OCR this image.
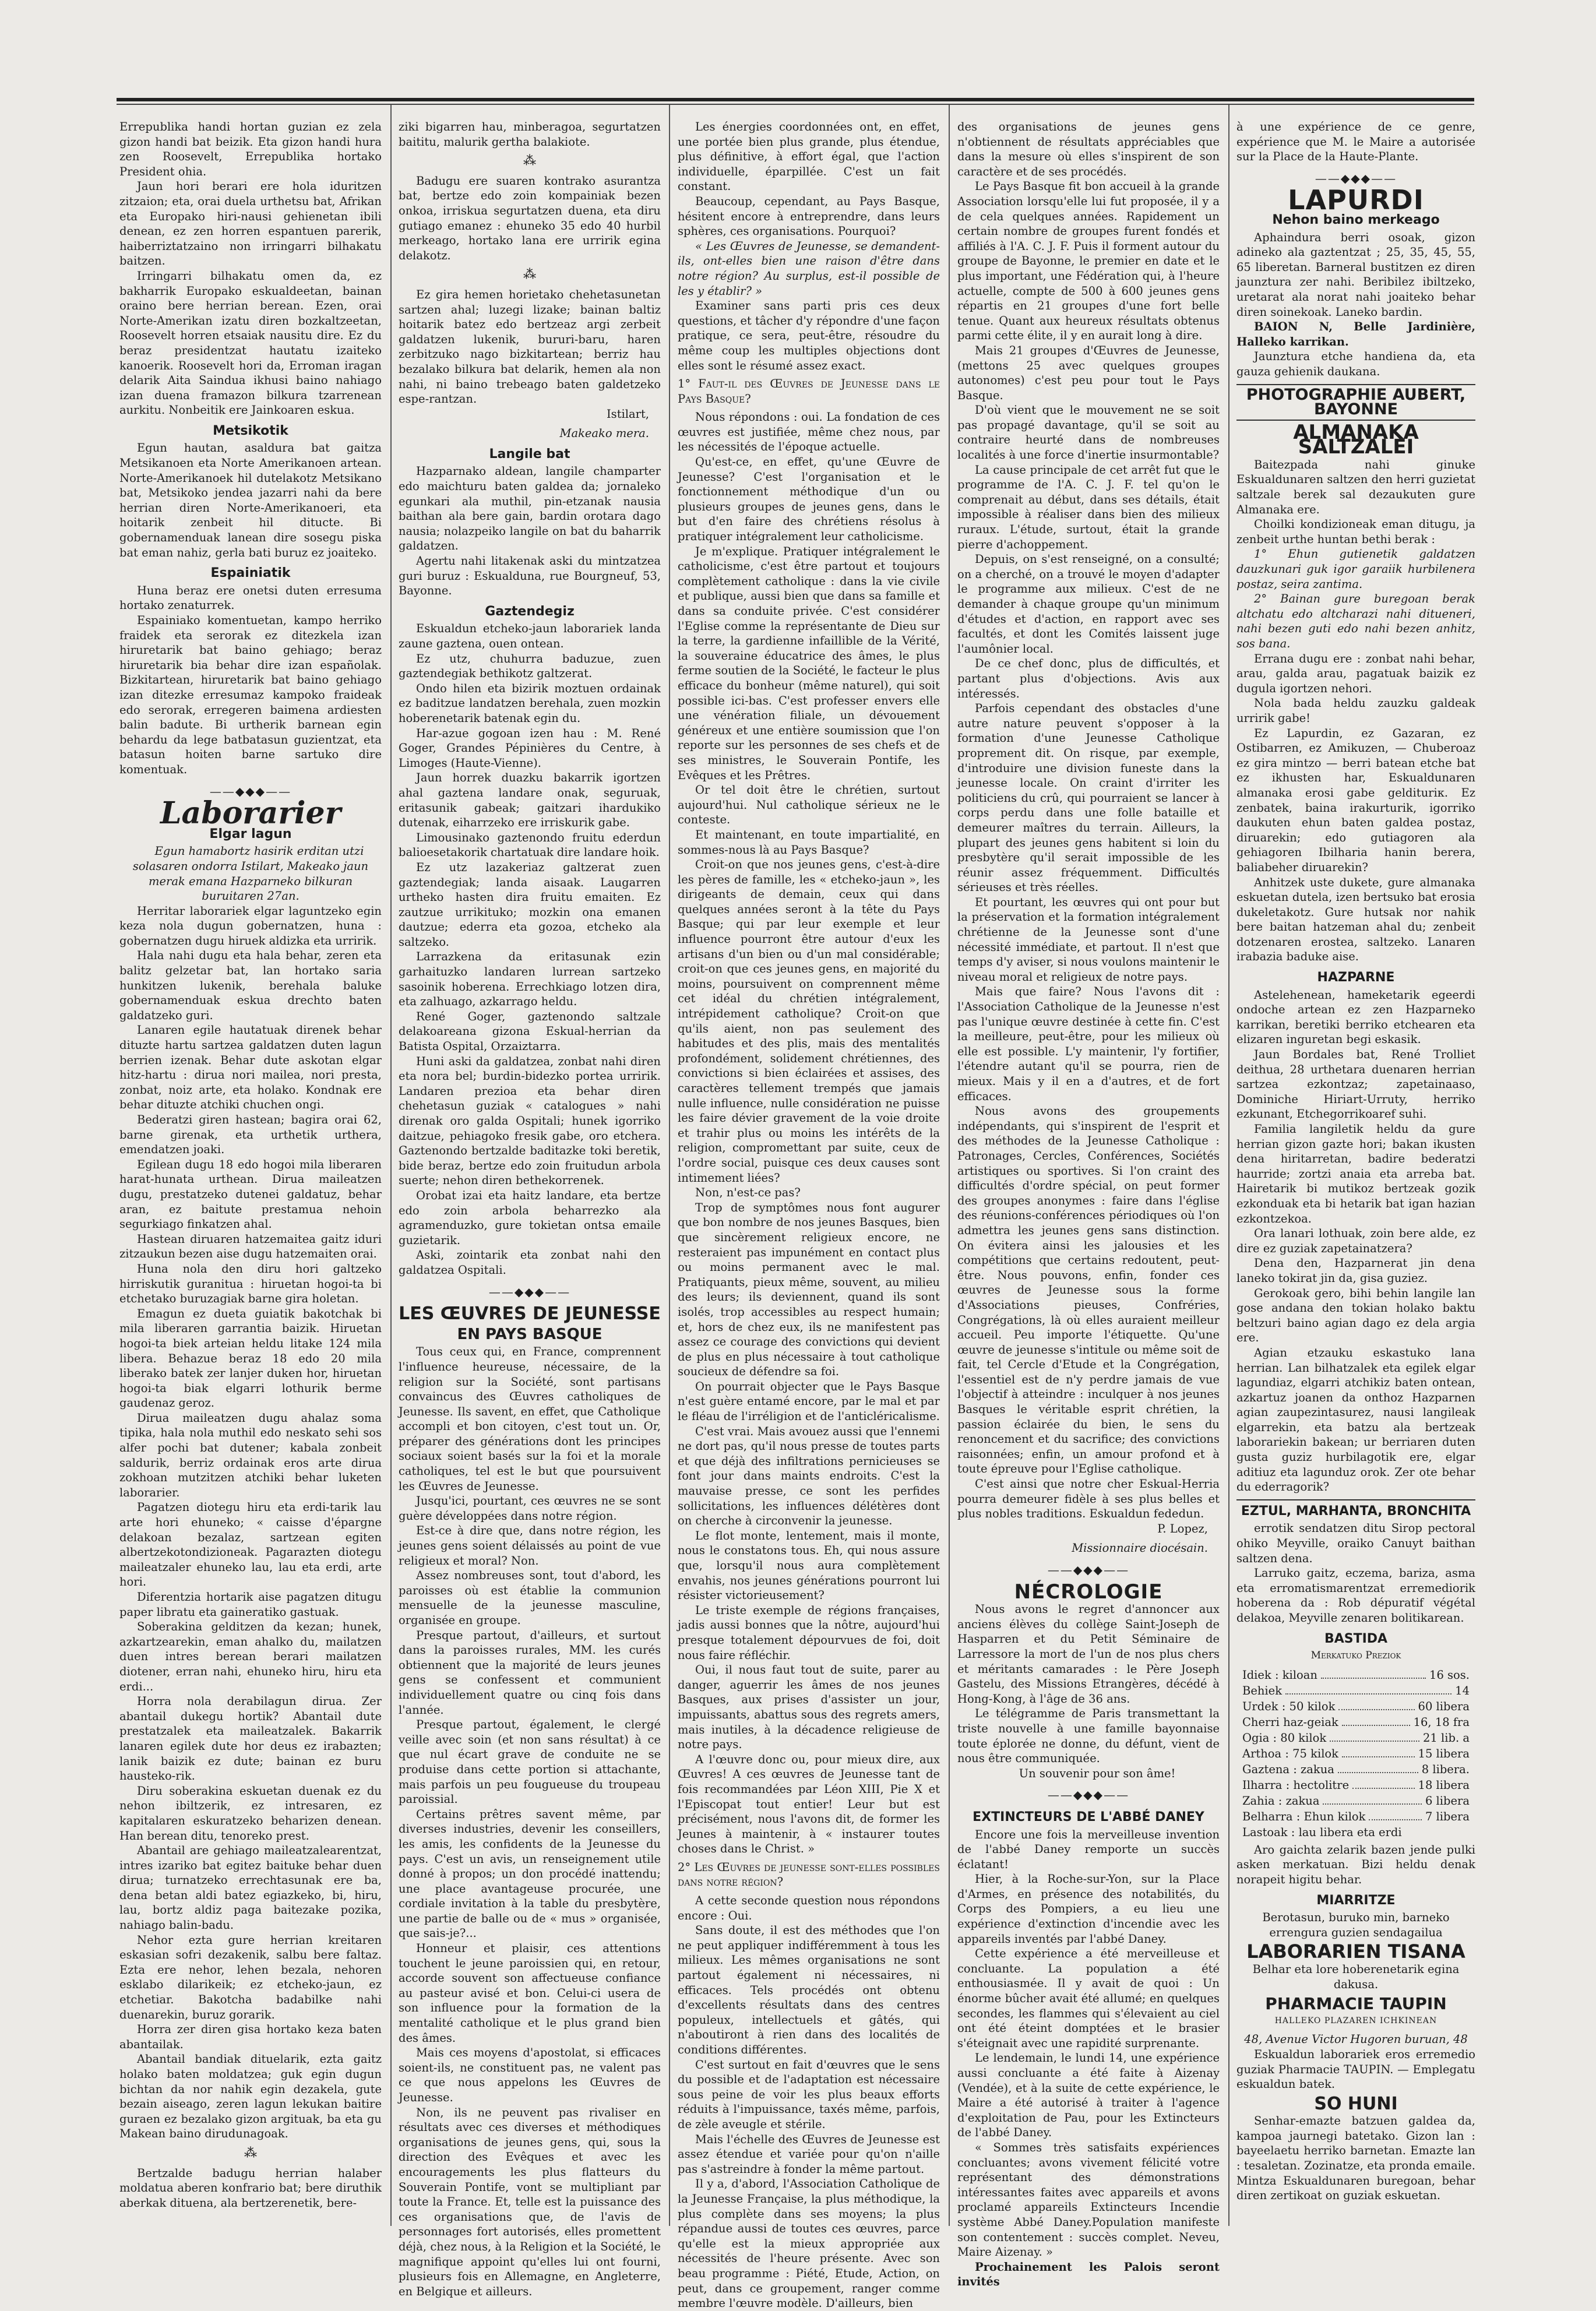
Errepublika handi hortan guzian ez zela gizon handi bat beizik. Eta gizon handi hura zen Roosevelt, Errepublika hortako President ohia.

Jaun hori berari ere hola iduritzen zitzaion; eta, orai duela urthetsu bat, Afrikan eta Europako hiri-nausi gehienetan ibili denean, ez zen horren espantuen parerik, haiberriztatzaino non irringarri bilhakatu baitzen.

Irringarri bilhakatu omen da, ez bakharrik Europako eskualdeetan, bainan oraino bere herrian berean. Ezen, orai Norte-Amerikan izatu diren bozkaltzeetan, Roosevelt horren etsaiak nausitu dire. Ez du beraz presidentzat hautatu izaiteko kanoerik. Roosevelt hori da, Erroman iragan delarik Aita Saindua ikhusi baino nahiago izan duena framazon bilkura tzarrenean aurkitu. Nonbeitik ere Jainkoaren eskua.

Metsikotik

Egun hautan, asaldura bat gaitza Metsikanoen eta Norte Amerikanoen artean. Norte-Amerikanoek hil dutelakotz Metsikano bat, Metsikoko jendea jazarri nahi da bere herrian diren Norte-Amerikanoeri, eta hoitarik zenbeit hil ditucte. Bi gobernamenduak lanean dire sosegu piska bat eman nahiz, gerla bati buruz ez joaiteko.

Espainiatik

Huna beraz ere onetsi duten erresuma hortako zenaturrek.

Espainiako komentuetan, kampo herriko fraidek eta serorak ez ditezkela izan hiruretarik bat baino gehiago; beraz hiruretarik bia behar dire izan españolak. Bizkitartean, hiruretarik bat baino gehiago izan ditezke erresumaz kampoko fraideak edo serorak, erregeren baimena ardiesten balin badute. Bi urtherik barnean egin behardu da lege batbatasun guzientzat, eta batasun hoiten barne sartuko dire komentuak.

——◆◆◆——
Laborarier
Elgar lagun

Egun hamabortz hasirik erditan utzi solasaren ondorra Istilart, Makeako jaun merak emana Hazparneko bilkuran buruitaren 27an.

Herritar laborariek elgar laguntzeko egin keza nola dugun gobernatzen, huna : gobernatzen dugu hiruek aldizka eta urririk.

Hala nahi dugu eta hala behar, zeren eta balitz gelzetar bat, lan hortako saria hunkitzen lukenik, berehala baluke gobernamenduak eskua drechto baten galdatzeko guri.

Lanaren egile hautatuak direnek behar dituzte hartu sartzea galdatzen duten lagun berrien izenak. Behar dute askotan elgar hitz-hartu : dirua nori mailea, nori presta, zonbat, noiz arte, eta holako. Kondnak ere behar dituzte atchiki chuchen ongi.

Bederatzi giren hastean; bagira orai 62, barne girenak, eta urthetik urthera, emendatzen joaki.

Egilean dugu 18 edo hogoi mila liberaren harat-hunata urthean. Dirua maileatzen dugu, prestatzeko dutenei galdatuz, behar aran, ez baitute prestamua nehoin segurkiago finkatzen ahal.

Hastean diruaren hatzemaitea gaitz iduri zitzaukun bezen aise dugu hatzemaiten orai.

Huna nola den diru hori galtzeko hirriskutik guranitua : hiruetan hogoi-ta bi etchetako buruzagiak barne gira holetan.

Emagun ez dueta guiatik bakotchak bi mila liberaren garrantia baizik. Hiruetan hogoi-ta biek arteian heldu litake 124 mila libera. Behazue beraz 18 edo 20 mila liberako batek zer lanjer duken hor, hiruetan hogoi-ta biak elgarri lothurik berme gaudenaz geroz.

Dirua maileatzen dugu ahalaz soma tipika, hala nola muthil edo neskato sehi sos alfer pochi bat dutener; kabala zonbeit saldurik, berriz ordainak eros arte dirua zokhoan mutzitzen atchiki behar luketen laborarier.

Pagatzen diotegu hiru eta erdi-tarik lau arte hori ehuneko; « caisse d'épargne delakoan bezalaz, sartzean egiten albertzekotondizioneak. Pagarazten diotegu maileatzaler ehuneko lau, lau eta erdi, arte hori.

Diferentzia hortarik aise pagatzen ditugu paper libratu eta gaineratiko gastuak.

Soberakina gelditzen da kezan; hunek, azkartzearekin, eman ahalko du, mailatzen duen intres berean berari mailatzen diotener, erran nahi, ehuneko hiru, hiru eta erdi...

Horra nola derabilagun dirua. Zer abantail dukegu hortik? Abantail dute prestatzalek eta maileatzalek. Bakarrik lanaren egilek dute hor deus ez irabazten; lanik baizik ez dute; bainan ez buru hausteko-rik.

Diru soberakina eskuetan duenak ez du nehon ibiltzerik, ez intresaren, ez kapitalaren eskuratzeko beharizen denean. Han berean ditu, tenoreko prest.

Abantail are gehiago maileatzalearentzat, intres izariko bat egitez baituke behar duen dirua; turnatzeko errechtasunak ere ba, dena betan aldi batez egiazkeko, bi, hiru, lau, bortz aldiz paga baitezake pozika, nahiago balin-badu.

Nehor ezta gure herrian kreitaren eskasian sofri dezakenik, salbu bere faltaz. Ezta ere nehor, lehen bezala, nehoren esklabo dilarikeik; ez etcheko-jaun, ez etchetiar. Bakotcha badabilke nahi duenarekin, buruz gorarik.

Horra zer diren gisa hortako keza baten abantailak.

Abantail bandiak dituelarik, ezta gaitz holako baten moldatzea; guk egin dugun bichtan da nor nahik egin dezakela, gute bezain aiseago, zeren lagun lekukan baitire guraen ez bezalako gizon argituak, ba eta gu Makean baino dirudunagoak.

⁂

Bertzalde badugu herrian halaber moldatua aberen konfrario bat; bere diruthik aberkak dituena, ala bertzerenetik, bere-

ziki bigarren hau, minberagoa, segurtatzen baititu, malurik gertha balakiote.

⁂

Badugu ere suaren kontrako asurantza bat, bertze edo zoin kompainiak bezen onkoa, irriskua segurtatzen duena, eta diru gutiago emanez : ehuneko 35 edo 40 hurbil merkeago, hortako lana ere urririk egina delakotz.

⁂

Ez gira hemen horietako chehetasunetan sartzen ahal; luzegi lizake; bainan baltiz hoitarik batez edo bertzeaz argi zerbeit galdatzen lukenik, bururi-baru, haren zerbitzuko nago bizkitartean; berriz hau bezalako bilkura bat delarik, hemen ala non nahi, ni baino trebeago baten galdetzeko espe-rantzan.

Istilart,
Makeako mera.
Langile bat

Hazparnako aldean, langile champarter edo maichturu baten galdea da; jornaleko egunkari ala muthil, pin-etzanak nausia baithan ala bere gain, bardin orotara dago nausia; nolazpeiko langile on bat du baharrik galdatzen.

Agertu nahi litakenak aski du mintzatzea guri buruz : Eskualduna, rue Bourgneuf, 53, Bayonne.

Gaztendegiz

Eskualdun etcheko-jaun laborariek landa zaune gaztena, ouen ontean.

Ez utz, chuhurra baduzue, zuen gaztendegiak bethikotz galtzerat.

Ondo hilen eta bizirik moztuen ordainak ez baditzue landatzen berehala, zuen mozkin hoberenetarik batenak egin du.

Har-azue gogoan izen hau : M. René Goger, Grandes Pépinières du Centre, à Limoges (Haute-Vienne).

Jaun horrek duazku bakarrik igortzen ahal gaztena landare onak, seguruak, eritasunik gabeak; gaitzari ihardukiko dutenak, eiharrzeko ere irriskurik gabe.

Limousinako gaztenondo fruitu ederdun balioesetakorik chartatuak dire landare hoik.

Ez utz lazakeriaz galtzerat zuen gaztendegiak; landa aisaak. Laugarren urtheko hasten dira fruitu emaiten. Ez zautzue urrikituko; mozkin ona emanen dautzue; ederra eta gozoa, etcheko ala saltzeko.

Larrazkena da eritasunak ezin garhaituzko landaren lurrean sartzeko sasoinik hoberena. Errechkiago lotzen dira, eta zalhuago, azkarrago heldu.

René Goger, gaztenondo saltzale delakoareana gizona Eskual-herrian da Batista Ospital, Orzaiztarra.

Huni aski da galdatzea, zonbat nahi diren eta nora bel; burdin-bidezko portea urririk. Landaren prezioa eta behar diren chehetasun guziak « catalogues » nahi direnak oro galda Ospitali; hunek igorriko daitzue, pehiagoko fresik gabe, oro etchera. Gaztenondo bertzalde baditazke toki beretik, bide beraz, bertze edo zoin fruitudun arbola suerte; nehon diren bethekorrenek.

Orobat izai eta haitz landare, eta bertze edo zoin arbola beharrezko ala agramenduzko, gure tokietan ontsa emaile guzietarik.

Aski, zointarik eta zonbat nahi den galdatzea Ospitali.

——◆◆◆——
LES ŒUVRES DE JEUNESSE
EN PAYS BASQUE

Tous ceux qui, en France, comprennent l'influence heureuse, nécessaire, de la religion sur la Société, sont partisans convaincus des Œuvres catholiques de Jeunesse. Ils savent, en effet, que Catholique accompli et bon citoyen, c'est tout un. Or, préparer des générations dont les principes sociaux soient basés sur la foi et la morale catholiques, tel est le but que poursuivent les Œuvres de Jeunesse.

Jusqu'ici, pourtant, ces œuvres ne se sont guère développées dans notre région.

Est-ce à dire que, dans notre région, les jeunes gens soient délaissés au point de vue religieux et moral? Non.

Assez nombreuses sont, tout d'abord, les paroisses où est établie la communion mensuelle de la jeunesse masculine, organisée en groupe.

Presque partout, d'ailleurs, et surtout dans la paroisses rurales, MM. les curés obtiennent que la majorité de leurs jeunes gens se confessent et communient individuellement quatre ou cinq fois dans l'année.

Presque partout, également, le clergé veille avec soin (et non sans résultat) à ce que nul écart grave de conduite ne se produise dans cette portion si attachante, mais parfois un peu fougueuse du troupeau paroissial.

Certains prêtres savent même, par diverses industries, devenir les conseillers, les amis, les confidents de la Jeunesse du pays. C'est un avis, un renseignement utile donné à propos; un don procédé inattendu; une place avantageuse procurée, une cordiale invitation à la table du presbytère, une partie de balle ou de « mus » organisée, que sais-je?...

Honneur et plaisir, ces attentions touchent le jeune paroissien qui, en retour, accorde souvent son affectueuse confiance au pasteur avisé et bon. Celui-ci usera de son influence pour la formation de la mentalité catholique et le plus grand bien des âmes.

Mais ces moyens d'apostolat, si efficaces soient-ils, ne constituent pas, ne valent pas ce que nous appelons les Œuvres de Jeunesse.

Non, ils ne peuvent pas rivaliser en résultats avec ces diverses et méthodiques organisations de jeunes gens, qui, sous la direction des Evêques et avec les encouragements les plus flatteurs du Souverain Pontife, vont se multipliant par toute la France. Et, telle est la puissance des ces organisations que, de l'avis de personnages fort autorisés, elles promettent déjà, chez nous, à la Religion et la Société, le magnifique appoint qu'elles lui ont fourni, plusieurs fois en Allemagne, en Angleterre, en Belgique et ailleurs.

Les énergies coordonnées ont, en effet, une portée bien plus grande, plus étendue, plus définitive, à effort égal, que l'action individuelle, éparpillée. C'est un fait constant.

Beaucoup, cependant, au Pays Basque, hésitent encore à entreprendre, dans leurs sphères, ces organisations. Pourquoi?

« Les Œuvres de Jeunesse, se demandent-ils, ont-elles bien une raison d'être dans notre région? Au surplus, est-il possible de les y établir? »

Examiner sans parti pris ces deux questions, et tâcher d'y répondre d'une façon pratique, ce sera, peut-être, résoudre du même coup les multiples objections dont elles sont le résumé assez exact.

1° Faut-il des Œuvres de Jeunesse dans le Pays Basque?

Nous répondons : oui. La fondation de ces œuvres est justifiée, même chez nous, par les nécessités de l'époque actuelle.

Qu'est-ce, en effet, qu'une Œuvre de Jeunesse? C'est l'organisation et le fonctionnement méthodique d'un ou plusieurs groupes de jeunes gens, dans le but d'en faire des chrétiens résolus à pratiquer intégralement leur catholicisme.

Je m'explique. Pratiquer intégralement le catholicisme, c'est être partout et toujours complètement catholique : dans la vie civile et publique, aussi bien que dans sa famille et dans sa conduite privée. C'est considérer l'Eglise comme la représentante de Dieu sur la terre, la gardienne infaillible de la Vérité, la souveraine éducatrice des âmes, le plus ferme soutien de la Société, le facteur le plus efficace du bonheur (même naturel), qui soit possible ici-bas. C'est professer envers elle une vénération filiale, un dévouement généreux et une entière soumission que l'on reporte sur les personnes de ses chefs et de ses ministres, le Souverain Pontife, les Evêques et les Prêtres.

Or tel doit être le chrétien, surtout aujourd'hui. Nul catholique sérieux ne le conteste.

Et maintenant, en toute impartialité, en sommes-nous là au Pays Basque?

Croit-on que nos jeunes gens, c'est-à-dire les pères de famille, les « etcheko-jaun », les dirigeants de demain, ceux qui dans quelques années seront à la tête du Pays Basque; qui par leur exemple et leur influence pourront être autour d'eux les artisans d'un bien ou d'un mal considérable; croit-on que ces jeunes gens, en majorité du moins, poursuivent on comprennent même cet idéal du chrétien intégralement, intrépidement catholique? Croit-on que qu'ils aient, non pas seulement des habitudes et des plis, mais des mentalités profondément, solidement chrétiennes, des convictions si bien éclairées et assises, des caractères tellement trempés que jamais nulle influence, nulle considération ne puisse les faire dévier gravement de la voie droite et trahir plus ou moins les intérêts de la religion, compromettant par suite, ceux de l'ordre social, puisque ces deux causes sont intimement liées?

Non, n'est-ce pas?

Trop de symptômes nous font augurer que bon nombre de nos jeunes Basques, bien que sincèrement religieux encore, ne resteraient pas impunément en contact plus ou moins permanent avec le mal. Pratiquants, pieux même, souvent, au milieu des leurs; ils deviennent, quand ils sont isolés, trop accessibles au respect humain; et, hors de chez eux, ils ne manifestent pas assez ce courage des convictions qui devient de plus en plus nécessaire à tout catholique soucieux de défendre sa foi.

On pourrait objecter que le Pays Basque n'est guère entamé encore, par le mal et par le fléau de l'irréligion et de l'anticléricalisme.

C'est vrai. Mais avouez aussi que l'ennemi ne dort pas, qu'il nous presse de toutes parts et que déjà des infiltrations pernicieuses se font jour dans maints endroits. C'est la mauvaise presse, ce sont les perfides sollicitations, les influences délétères dont on cherche à circonvenir la jeunesse.

Le flot monte, lentement, mais il monte, nous le constatons tous. Eh, qui nous assure que, lorsqu'il nous aura complètement envahis, nos jeunes générations pourront lui résister victorieusement?

Le triste exemple de régions françaises, jadis aussi bonnes que la nôtre, aujourd'hui presque totalement dépourvues de foi, doit nous faire réfléchir.

Oui, il nous faut tout de suite, parer au danger, aguerrir les âmes de nos jeunes Basques, aux prises d'assister un jour, impuissants, abattus sous des regrets amers, mais inutiles, à la décadence religieuse de notre pays.

A l'œuvre donc ou, pour mieux dire, aux Œuvres! A ces œuvres de Jeunesse tant de fois recommandées par Léon XIII, Pie X et l'Episcopat tout entier! Leur but est précisément, nous l'avons dit, de former les Jeunes à maintenir, à « instaurer toutes choses dans le Christ. »

2° Les Œuvres de jeunesse sont-elles possibles dans notre région?

A cette seconde question nous répondons encore : Oui.

Sans doute, il est des méthodes que l'on ne peut appliquer indifféremment à tous les milieux. Les mêmes organisations ne sont partout également ni nécessaires, ni efficaces. Tels procédés ont obtenu d'excellents résultats dans des centres populeux, intellectuels et gâtés, qui n'aboutiront à rien dans des localités de conditions différentes.

C'est surtout en fait d'œuvres que le sens du possible et de l'adaptation est nécessaire sous peine de voir les plus beaux efforts réduits à l'impuissance, taxés même, parfois, de zèle aveugle et stérile.

Mais l'échelle des Œuvres de Jeunesse est assez étendue et variée pour qu'on n'aille pas s'astreindre à fonder la même partout.

Il y a, d'abord, l'Association Catholique de la Jeunesse Française, la plus méthodique, la plus complète dans ses moyens; la plus répandue aussi de toutes ces œuvres, parce qu'elle est la mieux appropriée aux nécessités de l'heure présente. Avec son beau programme : Piété, Etude, Action, on peut, dans ce groupement, ranger comme membre l'œuvre modèle. D'ailleurs, bien

des organisations de jeunes gens n'obtiennent de résultats appréciables que dans la mesure où elles s'inspirent de son caractère et de ses procédés.

Le Pays Basque fit bon accueil à la grande Association lorsqu'elle lui fut proposée, il y a de cela quelques années. Rapidement un certain nombre de groupes furent fondés et affiliés à l'A. C. J. F. Puis il forment autour du groupe de Bayonne, le premier en date et le plus important, une Fédération qui, à l'heure actuelle, compte de 500 à 600 jeunes gens répartis en 21 groupes d'une fort belle tenue. Quant aux heureux résultats obtenus parmi cette élite, il y en aurait long à dire.

Mais 21 groupes d'Œuvres de Jeunesse, (mettons 25 avec quelques groupes autonomes) c'est peu pour tout le Pays Basque.

D'où vient que le mouvement ne se soit pas propagé davantage, qu'il se soit au contraire heurté dans de nombreuses localités à une force d'inertie insurmontable?

La cause principale de cet arrêt fut que le programme de l'A. C. J. F. tel qu'on le comprenait au début, dans ses détails, était impossible à réaliser dans bien des milieux ruraux. L'étude, surtout, était la grande pierre d'achoppement.

Depuis, on s'est renseigné, on a consulté; on a cherché, on a trouvé le moyen d'adapter le programme aux milieux. C'est de ne demander à chaque groupe qu'un minimum d'études et d'action, en rapport avec ses facultés, et dont les Comités laissent juge l'aumônier local.

De ce chef donc, plus de difficultés, et partant plus d'objections. Avis aux intéressés.

Parfois cependant des obstacles d'une autre nature peuvent s'opposer à la formation d'une Jeunesse Catholique proprement dit. On risque, par exemple, d'introduire une division funeste dans la jeunesse locale. On craint d'irriter les politiciens du crû, qui pourraient se lancer à corps perdu dans une folle bataille et demeurer maîtres du terrain. Ailleurs, la plupart des jeunes gens habitent si loin du presbytère qu'il serait impossible de les réunir assez fréquemment. Difficultés sérieuses et très réelles.

Et pourtant, les œuvres qui ont pour but la préservation et la formation intégralement chrétienne de la Jeunesse sont d'une nécessité immédiate, et partout. Il n'est que temps d'y aviser, si nous voulons maintenir le niveau moral et religieux de notre pays.

Mais que faire? Nous l'avons dit : l'Association Catholique de la Jeunesse n'est pas l'unique œuvre destinée à cette fin. C'est la meilleure, peut-être, pour les milieux où elle est possible. L'y maintenir, l'y fortifier, l'étendre autant qu'il se pourra, rien de mieux. Mais y il en a d'autres, et de fort efficaces.

Nous avons des groupements indépendants, qui s'inspirent de l'esprit et des méthodes de la Jeunesse Catholique : Patronages, Cercles, Conférences, Sociétés artistiques ou sportives. Si l'on craint des difficultés d'ordre spécial, on peut former des groupes anonymes : faire dans l'église des réunions-conférences périodiques où l'on admettra les jeunes gens sans distinction. On évitera ainsi les jalousies et les compétitions que certains redoutent, peut-être. Nous pouvons, enfin, fonder ces œuvres de Jeunesse sous la forme d'Associations pieuses, Confréries, Congrégations, là où elles auraient meilleur accueil. Peu importe l'étiquette. Qu'une œuvre de jeunesse s'intitule ou même soit de fait, tel Cercle d'Etude et la Congrégation, l'essentiel est de n'y perdre jamais de vue l'objectif à atteindre : inculquer à nos jeunes Basques le véritable esprit chrétien, la passion éclairée du bien, le sens du renoncement et du sacrifice; des convictions raisonnées; enfin, un amour profond et à toute épreuve pour l'Eglise catholique.

C'est ainsi que notre cher Eskual-Herria pourra demeurer fidèle à ses plus belles et plus nobles traditions. Eskualdun fededun.

P. Lopez,
Missionnaire diocésain.
——◆◆◆——
NÉCROLOGIE

Nous avons le regret d'annoncer aux anciens élèves du collège Saint-Joseph de Hasparren et du Petit Séminaire de Larressore la mort de l'un de nos plus chers et méritants camarades : le Père Joseph Gastelu, des Missions Etrangères, décédé à Hong-Kong, à l'âge de 36 ans.

Le télégramme de Paris transmettant la triste nouvelle à une famille bayonnaise toute éplorée ne donne, du défunt, vient de nous être communiquée.

Un souvenir pour son âme!

——◆◆◆——
EXTINCTEURS DE L'ABBÉ DANEY

Encore une fois la merveilleuse invention de l'abbé Daney remporte un succès éclatant!

Hier, à la Roche-sur-Yon, sur la Place d'Armes, en présence des notabilités, du Corps des Pompiers, a eu lieu une expérience d'extinction d'incendie avec les appareils inventés par l'abbé Daney.

Cette expérience a été merveilleuse et concluante. La population a été enthousiasmée. Il y avait de quoi : Un énorme bûcher avait été allumé; en quelques secondes, les flammes qui s'élevaient au ciel ont été éteint domptées et le brasier s'éteignait avec une rapidité surprenante.

Le lendemain, le lundi 14, une expérience aussi concluante a été faite à Aizenay (Vendée), et à la suite de cette expérience, le Maire a été autorisé à traiter à l'agence d'exploitation de Pau, pour les Extincteurs de l'abbé Daney.

« Sommes très satisfaits expériences concluantes; avons vivement félicité votre représentant des démonstrations intéressantes faites avec appareils et avons proclamé appareils Extincteurs Incendie système Abbé Daney.Population manifeste son contentement : succès complet. Neveu, Maire Aizenay. »

Prochainement les Palois seront invités

à une expérience de ce genre, expérience que M. le Maire a autorisée sur la Place de la Haute-Plante.

——◆◆◆——
LAPURDI
Nehon baino merkeago

Aphaindura berri osoak, gizon adineko ala gaztentzat ; 25, 35, 45, 55, 65 liberetan. Barneral bustitzen ez diren jaunztura zer nahi. Beribilez ibiltzeko, uretarat ala norat nahi joaiteko behar diren soinekoak. Laneko bardin.

BAION N, Belle Jardinière, Halleko karrikan.

Jaunztura etche handiena da, eta gauza gehienik daukana.

PHOTOGRAPHIE AUBERT, BAYONNE
ALMANAKA SALTZALEI

Baitezpada nahi ginuke Eskualdunaren saltzen den herri guzietat saltzale berek sal dezaukuten gure Almanaka ere.

Choilki kondizioneak eman ditugu, ja zenbeit urthe huntan bethi berak :

1° Ehun gutienetik galdatzen dauzkunari guk igor garaiik hurbilenera postaz, seira zantima.

2° Bainan gure buregoan berak altchatu edo altcharazi nahi ditueneri, nahi bezen guti edo nahi bezen anhitz, sos bana.

Errana dugu ere : zonbat nahi behar, arau, galda arau, pagatuak baizik ez dugula igortzen nehori.

Nola bada heldu zauzku galdeak urririk gabe!

Ez Lapurdin, ez Gazaran, ez Ostibarren, ez Amikuzen, — Chuberoaz ez gira mintzo — berri batean etche bat ez ikhusten har, Eskualdunaren almanaka erosi gabe geldituriк. Ez zenbatek, baina irakurturik, igorriko daukuten ehun baten galdea postaz, diruarekin; edo gutiagoren ala gehiagoren Ibilharia hanin berera, baliabeher diruarekin?

Anhitzek uste dukete, gure almanaka eskuetan dutela, izen bertsuko bat erosia dukeletakotz. Gure hutsak nor nahik bere baitan hatzeman ahal du; zenbeit dotzenaren erostea, saltzeko. Lanaren irabazia baduke aise.

HAZPARNE

Astelehenean, hameketarik egeerdi ondoche artean ez zen Hazparneko karrikan, beretiki berriko etchearen eta elizaren inguretan begi eskasik.

Jaun Bordales bat, René Trolliet deithua, 28 urthetara duenaren herrian sartzea ezkontzaz; zapetainaaso, Dominiche Hiriart-Urruty, herriko ezkunant, Etchegorrikoaref suhi.

Familia langiletik heldu da gure herrian gizon gazte hori; bakan ikusten dena hiritarretan, badire bederatzi haurride; zortzi anaia eta arreba bat. Hairetarik bi mutikoz bertzeak gozik ezkonduak eta bi hetarik bat igan hazian ezkontzekoa.

Ora lanari lothuak, zoin bere alde, ez dire ez guziak zapetainatzera?

Dena den, Hazparnerat jin dena laneko tokirat jin da, gisa guziez.

Gerokoak gero, bihi behin langile lan gose andana den tokian holako baktu beltzuri baino agian dago ez dela argia ere.

Agian etzauku eskastuko lana herrian. Lan bilhatzalek eta egilek elgar lagundiaz, elgarri atchikiz baten ontean, azkartuz joanen da onthoz Hazparnen agian zaupezintasurez, nausi langileak elgarrekin, eta batzu ala bertzeak laborariekin bakean; ur berriaren duten gusta guziz hurbilagotik ere, elgar aditiuz eta lagunduz orok. Zer ote behar du ederragorik?

EZTUL, MARHANTA, BRONCHITA

errotik sendatzen ditu Sirop pectoral ohiko Meyville, oraiko Canuyt baithan saltzen dena.

Larruko gaitz, eczema, bariza, asma eta erromatismarentzat erremediorik hoberena da : Rob dépuratif végétal delakoa, Meyville zenaren bolitikarean.

BASTIDA
Merkatuko Preziok
Idiek : kiloan	16 sos.
Behiek	14
Urdek : 50 kilok	60 libera
Cherri haz-geiak	16, 18 fra
Ogia : 80 kilok	21 lib. a
Arthoa : 75 kilok	15 libera
Gaztena : zakua	8 libera.
Ilharra : hectolitre	18 libera
Zahia : zakua	6 libera
Belharra : Ehun kilok	7 libera
Lastoak : lau libera eta erdi

Aro gaichta zelarik bazen jende pulki asken merkatuan. Bizi heldu denak norapeit higitu behar.

MIARRITZE

Berotasun, buruko min, barneko errengura guzien sendagailua

LABORARIEN TISANA

Belhar eta lore hoberenetarik egina dakusa.

PHARMACIE TAUPIN
HALLEKO PLAZAREN ICHKINEAN

48, Avenue Victor Hugoren buruan, 48

Eskualdun laborariek eros erremedio guziak Pharmacie TAUPIN. — Emplegatu eskualdun batek.

SO HUNI

Senhar-emazte batzuen galdea da, kampoa jaurnegi batetako. Gizon lan : bayeelaetu herriko barnetan. Emazte lan : tesaletan. Zozinatze, eta pronda emaile. Mintza Eskualdunaren buregoan, behar diren zertikoat on guziak eskuetan.
